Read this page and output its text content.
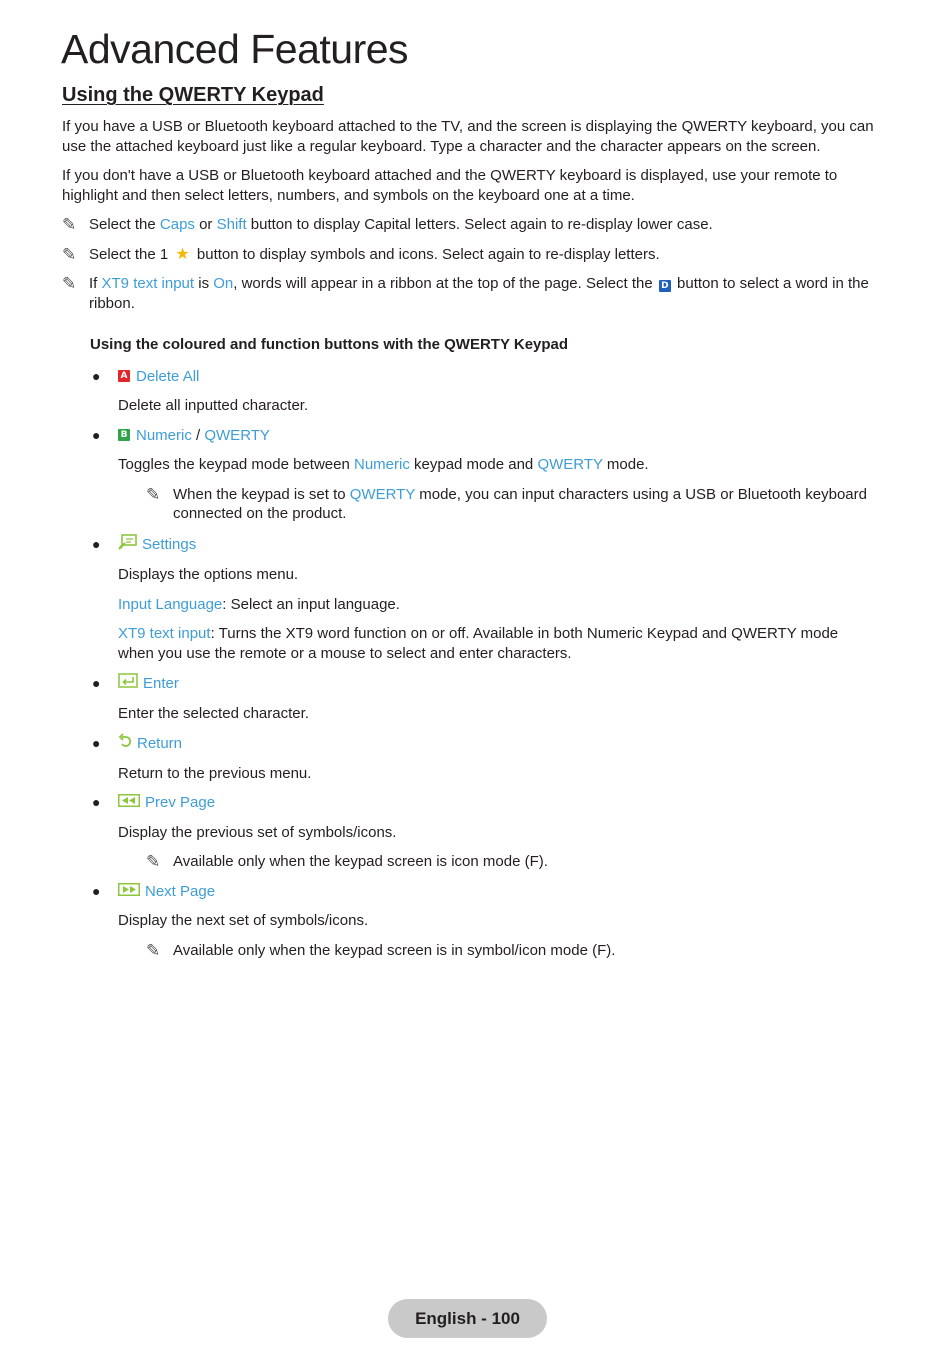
Advanced Features
Using the QWERTY Keypad

If you have a USB or Bluetooth keyboard attached to the TV, and the screen is displaying the QWERTY keyboard, you can use the attached keyboard just like a regular keyboard. Type a character and the character appears on the screen.

If you don't have a USB or Bluetooth keyboard attached and the QWERTY keyboard is displayed, use your remote to highlight and then select letters, numbers, and symbols on the keyboard one at a time.

✎ Select the Caps or Shift button to display Capital letters. Select again to re-display lower case.

✎ Select the 1 ★ button to display symbols and icons. Select again to re-display letters.

✎ If XT9 text input is On, words will appear in a ribbon at the top of the page. Select the D button to select a word in the ribbon.

Using the coloured and function buttons with the QWERTY Keypad

●	A Delete All

Delete all inputted character.

●	B Numeric / QWERTY

Toggles the keypad mode between Numeric keypad mode and QWERTY mode.

✎ When the keypad is set to QWERTY mode, you can input characters using a USB or Bluetooth keyboard connected on the product.

●	Settings

Displays the options menu.

Input Language: Select an input language.

XT9 text input: Turns the XT9 word function on or off. Available in both Numeric Keypad and QWERTY mode when you use the remote or a mouse to select and enter characters.

●	Enter

Enter the selected character.

●	Return

Return to the previous menu.

●	Prev Page

Display the previous set of symbols/icons.

✎ Available only when the keypad screen is icon mode (F).

●	Next Page

Display the next set of symbols/icons.

✎ Available only when the keypad screen is in symbol/icon mode (F).

English - 100
